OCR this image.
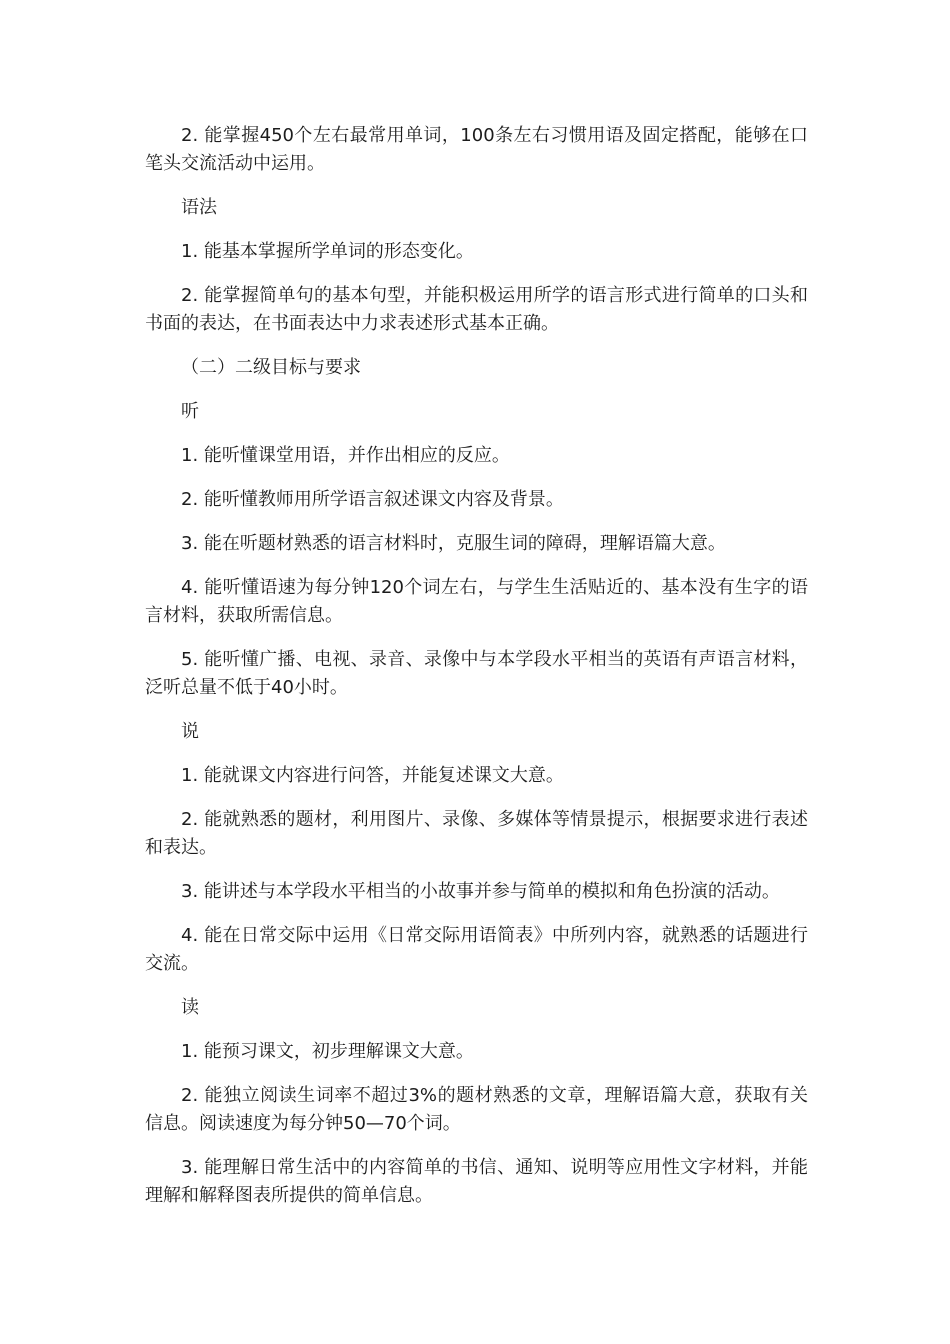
2. 能掌握450个左右最常用单词，100条左右习惯用语及固定搭配，能够在口笔头交流活动中运用。

语法

1. 能基本掌握所学单词的形态变化。

2. 能掌握简单句的基本句型，并能积极运用所学的语言形式进行简单的口头和书面的表达，在书面表达中力求表述形式基本正确。

（二）二级目标与要求

听

1. 能听懂课堂用语，并作出相应的反应。

2. 能听懂教师用所学语言叙述课文内容及背景。

3. 能在听题材熟悉的语言材料时，克服生词的障碍，理解语篇大意。

4. 能听懂语速为每分钟120个词左右，与学生生活贴近的、基本没有生字的语言材料，获取所需信息。

5. 能听懂广播、电视、录音、录像中与本学段水平相当的英语有声语言材料，泛听总量不低于40小时。

说

1. 能就课文内容进行问答，并能复述课文大意。

2. 能就熟悉的题材，利用图片、录像、多媒体等情景提示，根据要求进行表述和表达。

3. 能讲述与本学段水平相当的小故事并参与简单的模拟和角色扮演的活动。

4. 能在日常交际中运用《日常交际用语简表》中所列内容，就熟悉的话题进行交流。

读

1. 能预习课文，初步理解课文大意。

2. 能独立阅读生词率不超过3%的题材熟悉的文章，理解语篇大意，获取有关信息。阅读速度为每分钟50—70个词。

3. 能理解日常生活中的内容简单的书信、通知、说明等应用性文字材料，并能理解和解释图表所提供的简单信息。
